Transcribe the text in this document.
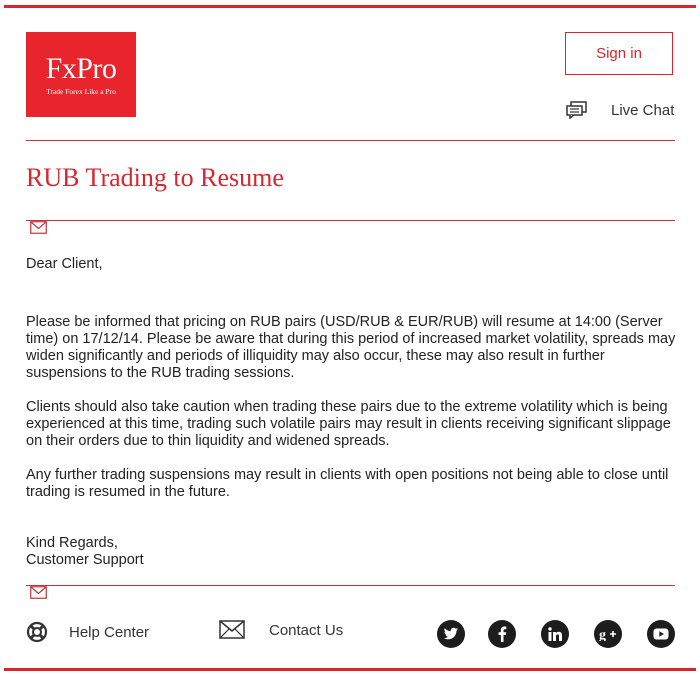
FxPro
Trade Forex Like a Pro
Sign in
Live Chat
RUB Trading to Resume

Dear Client,

Please be informed that pricing on RUB pairs (USD/RUB & EUR/RUB) will resume at 14:00 (Server time) on 17/12/14. Please be aware that during this period of increased market volatility, spreads may widen significantly and periods of illiquidity may also occur, these may also result in further suspensions to the RUB trading sessions.

Clients should also take caution when trading these pairs due to the extreme volatility which is being experienced at this time, trading such volatile pairs may result in clients receiving significant slippage on their orders due to thin liquidity and widened spreads.

Any further trading suspensions may result in clients with open positions not being able to close until trading is resumed in the future.

Kind Regards,

Customer Support

Help Center	Contact Us	g
